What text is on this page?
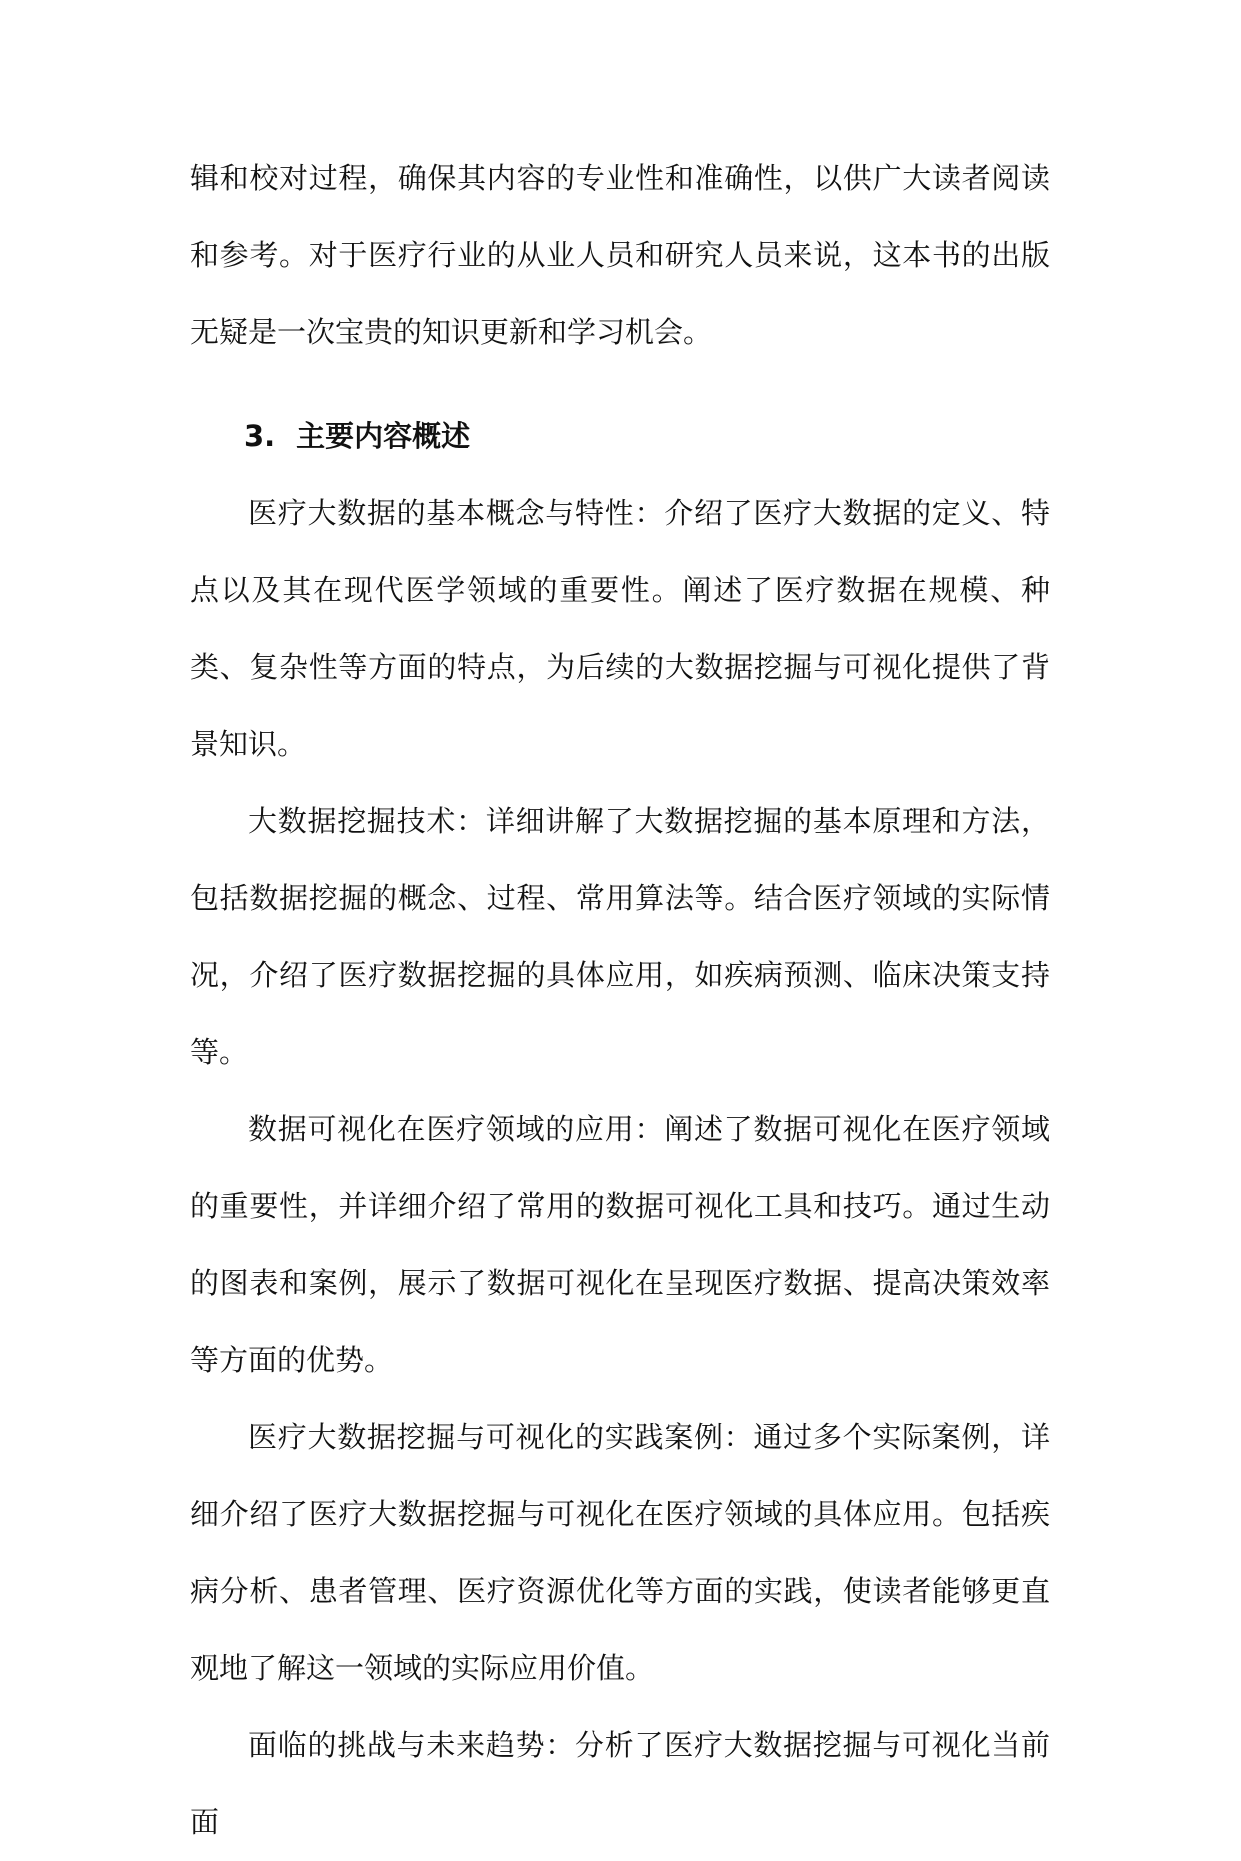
辑和校对过程，确保其内容的专业性和准确性，以供广大读者阅读和参考。对于医疗行业的从业人员和研究人员来说，这本书的出版无疑是一次宝贵的知识更新和学习机会。

3. 主要内容概述

医疗大数据的基本概念与特性：介绍了医疗大数据的定义、特点以及其在现代医学领域的重要性。阐述了医疗数据在规模、种类、复杂性等方面的特点，为后续的大数据挖掘与可视化提供了背景知识。

大数据挖掘技术：详细讲解了大数据挖掘的基本原理和方法，包括数据挖掘的概念、过程、常用算法等。结合医疗领域的实际情况，介绍了医疗数据挖掘的具体应用，如疾病预测、临床决策支持等。

数据可视化在医疗领域的应用：阐述了数据可视化在医疗领域的重要性，并详细介绍了常用的数据可视化工具和技巧。通过生动的图表和案例，展示了数据可视化在呈现医疗数据、提高决策效率等方面的优势。

医疗大数据挖掘与可视化的实践案例：通过多个实际案例，详细介绍了医疗大数据挖掘与可视化在医疗领域的具体应用。包括疾病分析、患者管理、医疗资源优化等方面的实践，使读者能够更直观地了解这一领域的实际应用价值。

面临的挑战与未来趋势：分析了医疗大数据挖掘与可视化当前面
